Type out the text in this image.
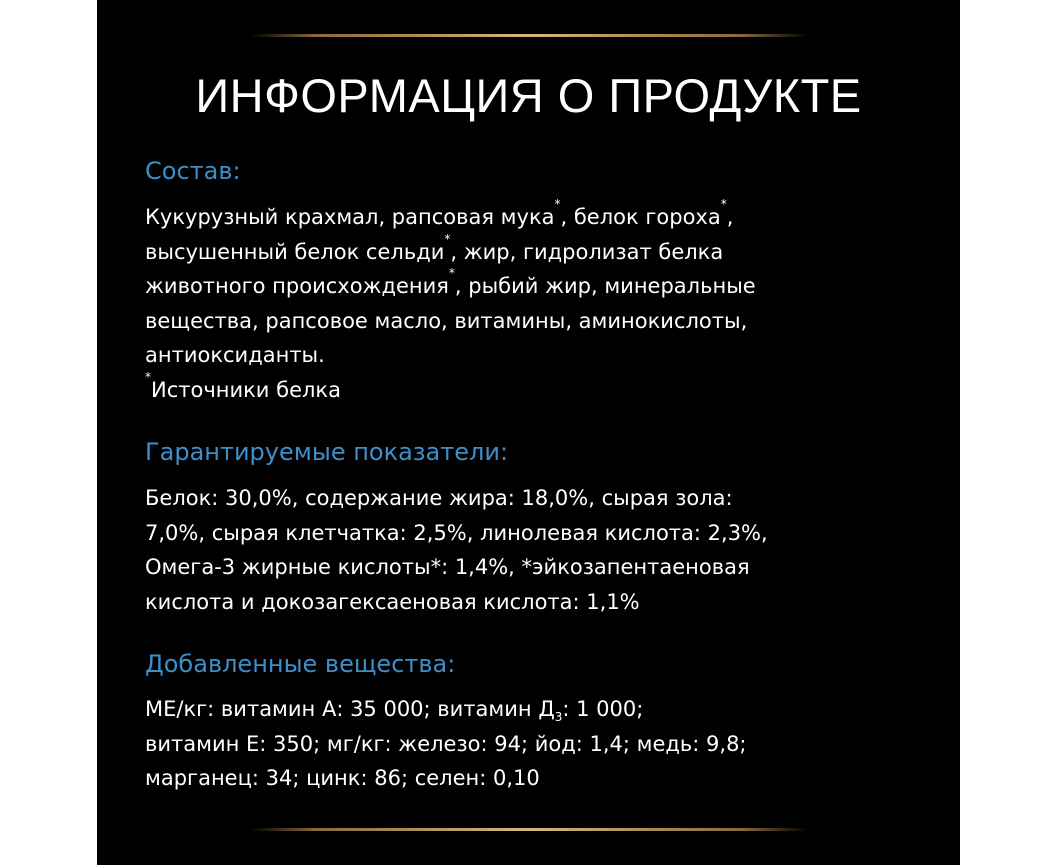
ИНФОРМАЦИЯ О ПРОДУКТЕ
Состав:
Кукурузный крахмал, рапсовая мука*, белок гороха*,
высушенный белок сельди*, жир, гидролизат белка
животного происхождения*, рыбий жир, минеральные
вещества, рапсовое масло, витамины, аминокислоты,
антиоксиданты.
*Источники белка
Гарантируемые показатели:
Белок: 30,0%, содержание жира: 18,0%, сырая зола:
7,0%, сырая клетчатка: 2,5%, линолевая кислота: 2,3%,
Омега-3 жирные кислоты*: 1,4%, *эйкозапентаеновая
кислота и докозагексаеновая кислота: 1,1%
Добавленные вещества:
МЕ/кг: витамин А: 35 000; витамин $Д_3$: 1 000;
витамин Е: 350; мг/кг: железо: 94; йод: 1,4; медь: 9,8;
марганец: 34; цинк: 86; селен: 0,10
